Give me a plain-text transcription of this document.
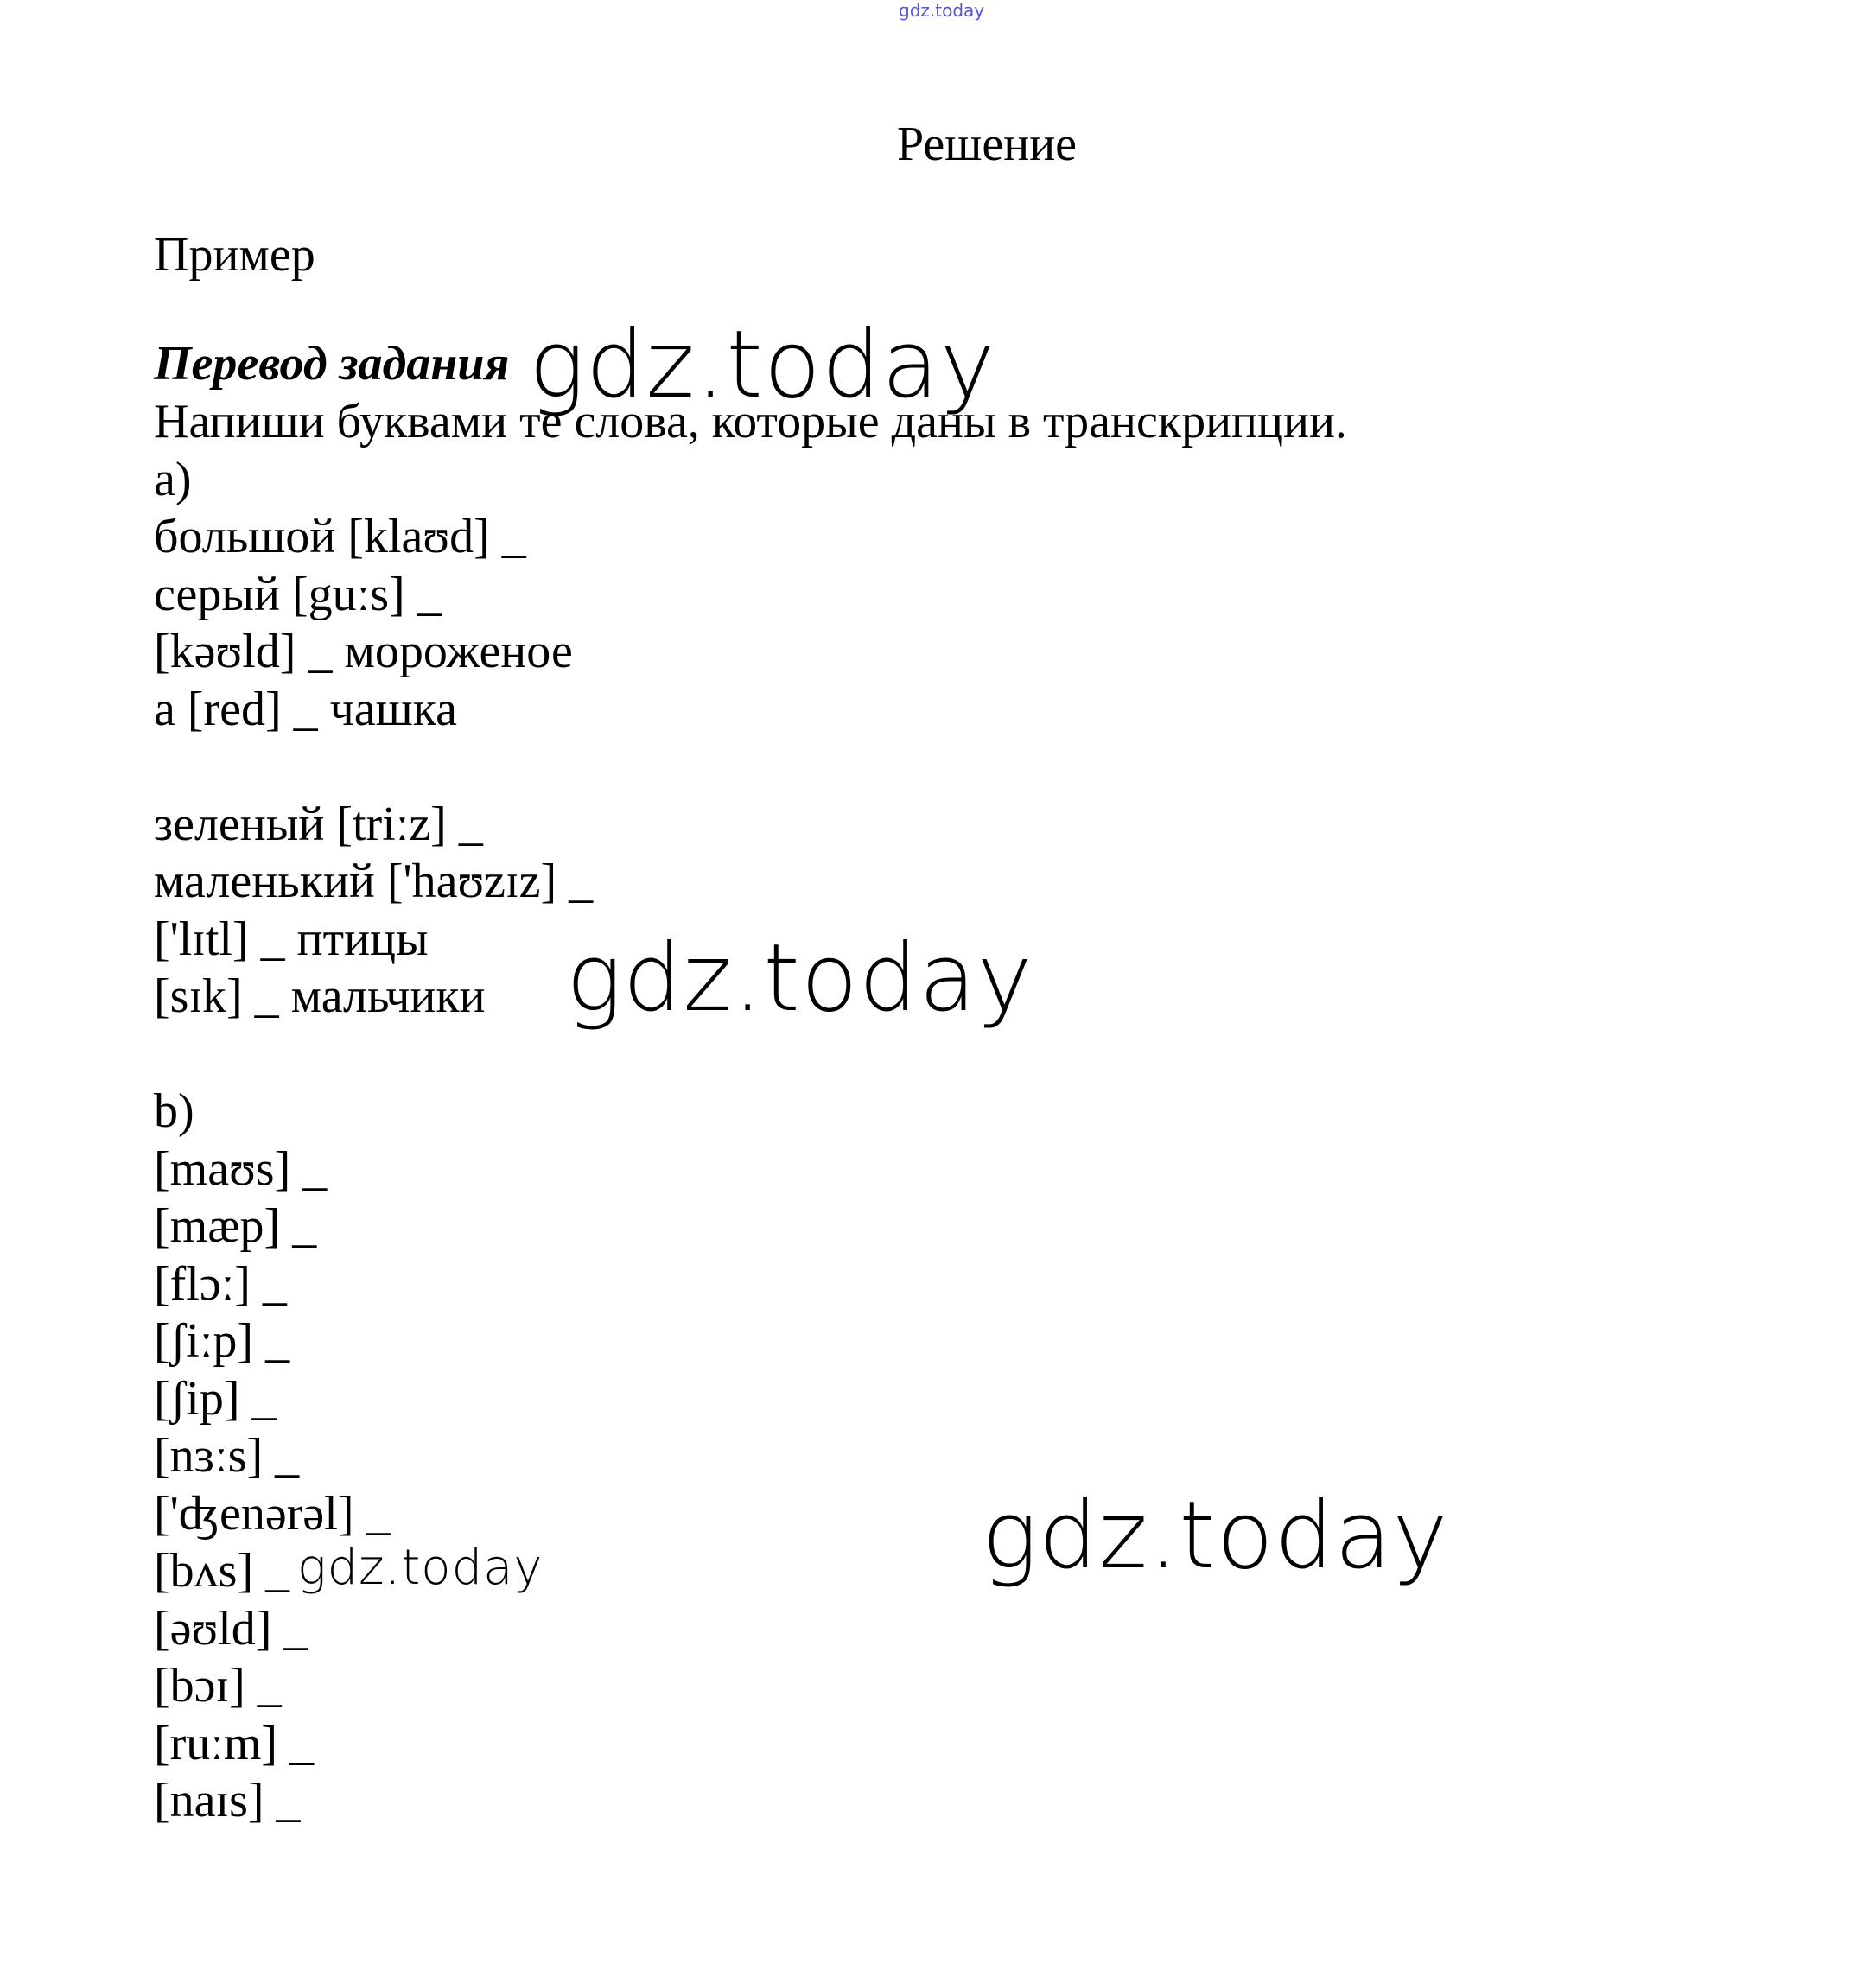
gdz.today
Решение
Пример
Перевод задания
Напиши буквами те слова, которые даны в транскрипции.
a)
большой [klaʊd] _
серый [guːs] _
[kəʊld] _ мороженое
a [red] _ чашка
зеленый [triːz] _
маленький ['haʊzɪz] _
['lɪtl] _ птицы
[sɪk] _ мальчики
b)
[maʊs] _
[mæp] _
[flɔː] _
[ʃiːp] _
[ʃip] _
[nɜːs] _
['ʤenərəl] _
[bʌs] _
[əʊld] _
[bɔɪ] _
[ruːm] _
[naɪs] _
gdz.today
gdz.today
gdz.today
gdz.today
